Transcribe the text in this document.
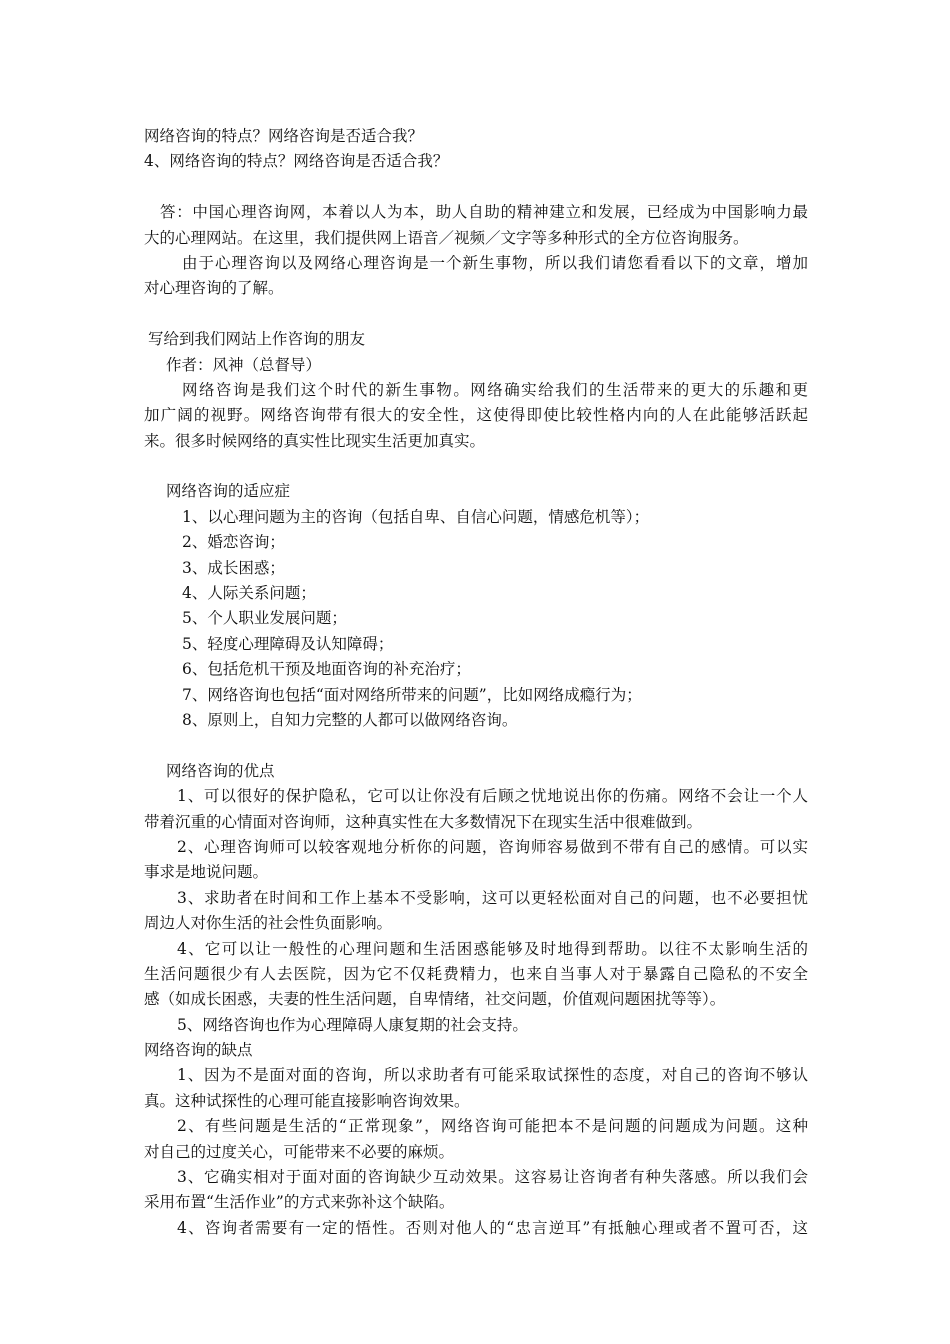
网络咨询的特点？网络咨询是否适合我？
4、网络咨询的特点？网络咨询是否适合我？
答：中国心理咨询网，本着以人为本，助人自助的精神建立和发展，已经成为中国影响力最
大的心理网站。在这里，我们提供网上语音／视频／文字等多种形式的全方位咨询服务。
由于心理咨询以及网络心理咨询是一个新生事物，所以我们请您看看以下的文章，增加
对心理咨询的了解。
写给到我们网站上作咨询的朋友
作者：风神（总督导）
网络咨询是我们这个时代的新生事物。网络确实给我们的生活带来的更大的乐趣和更
加广阔的视野。网络咨询带有很大的安全性，这使得即使比较性格内向的人在此能够活跃起
来。很多时候网络的真实性比现实生活更加真实。
网络咨询的适应症
1、以心理问题为主的咨询（包括自卑、自信心问题，情感危机等）；
2、婚恋咨询；
3、成长困惑；
4、人际关系问题；
5、个人职业发展问题；
5、轻度心理障碍及认知障碍；
6、包括危机干预及地面咨询的补充治疗；
7、网络咨询也包括“面对网络所带来的问题”，比如网络成瘾行为；
8、原则上，自知力完整的人都可以做网络咨询。
网络咨询的优点
1、可以很好的保护隐私，它可以让你没有后顾之忧地说出你的伤痛。网络不会让一个人
带着沉重的心情面对咨询师，这种真实性在大多数情况下在现实生活中很难做到。
2、心理咨询师可以较客观地分析你的问题，咨询师容易做到不带有自己的感情。可以实
事求是地说问题。
3、求助者在时间和工作上基本不受影响，这可以更轻松面对自己的问题，也不必要担忧
周边人对你生活的社会性负面影响。
4、它可以让一般性的心理问题和生活困惑能够及时地得到帮助。以往不太影响生活的
生活问题很少有人去医院，因为它不仅耗费精力，也来自当事人对于暴露自己隐私的不安全
感（如成长困惑，夫妻的性生活问题，自卑情绪，社交问题，价值观问题困扰等等）。
5、网络咨询也作为心理障碍人康复期的社会支持。
网络咨询的缺点
1、因为不是面对面的咨询，所以求助者有可能采取试探性的态度，对自己的咨询不够认
真。这种试探性的心理可能直接影响咨询效果。
2、有些问题是生活的“正常现象”，网络咨询可能把本不是问题的问题成为问题。这种
对自己的过度关心，可能带来不必要的麻烦。
3、它确实相对于面对面的咨询缺少互动效果。这容易让咨询者有种失落感。所以我们会
采用布置“生活作业”的方式来弥补这个缺陷。
4、咨询者需要有一定的悟性。否则对他人的“忠言逆耳”有抵触心理或者不置可否，这
